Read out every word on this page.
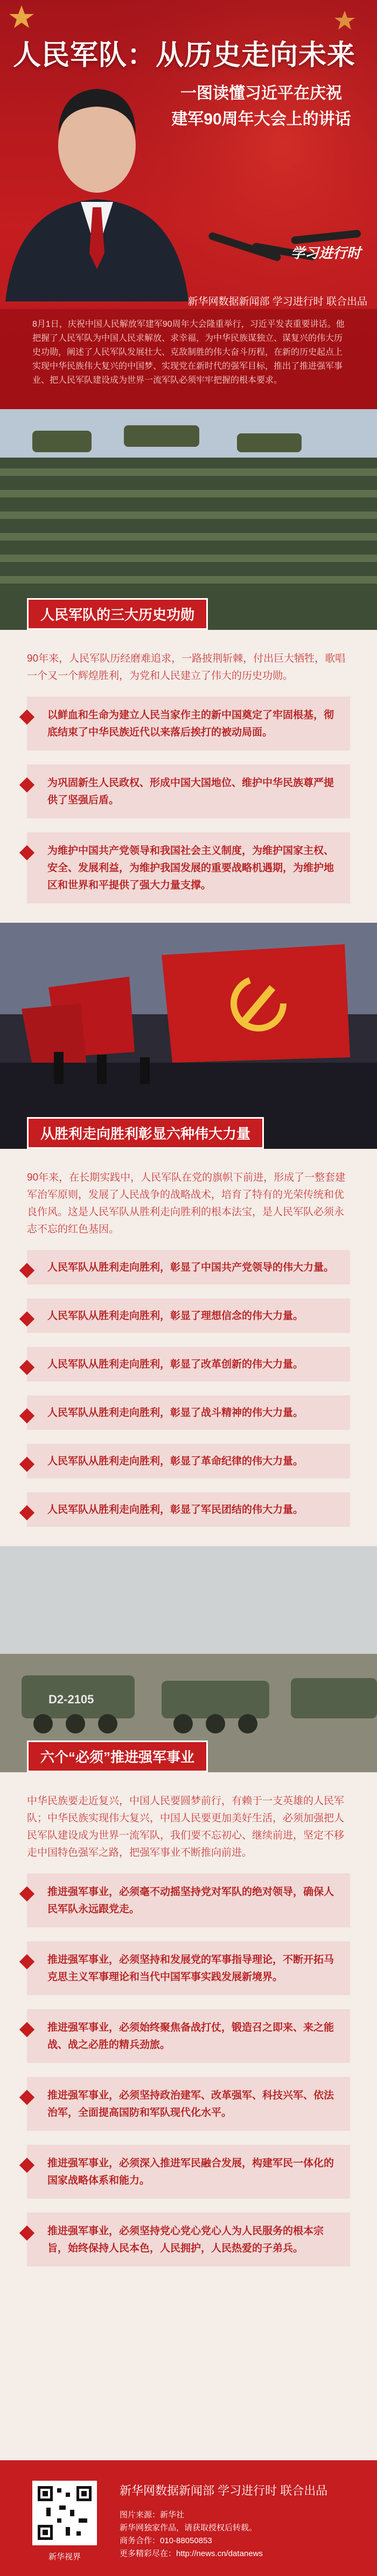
人民军队：从历史走向未来
一图读懂习近平在庆祝
建军90周年大会上的讲话
学习进行时
新华网数据新闻部 学习进行时 联合出品
8月1日，庆祝中国人民解放军建军90周年大会隆重举行，习近平发表重要讲话。他把握了人民军队为中国人民求解放、求幸福，为中华民族谋独立、谋复兴的伟大历史功勋，阐述了人民军队发展壮大、克敌制胜的伟大奋斗历程，在新的历史起点上实现中华民族伟大复兴的中国梦、实现党在新时代的强军目标，推出了推进强军事业、把人民军队建设成为世界一流军队必须牢牢把握的根本要求。
人民军队的三大历史功勋

90年来，人民军队历经磨难追求，一路披荆斩棘，付出巨大牺牲，歌唱一个又一个辉煌胜利，为党和人民建立了伟大的历史功勋。

以鲜血和生命为建立人民当家作主的新中国奠定了牢固根基，彻底结束了中华民族近代以来落后挨打的被动局面。
为巩固新生人民政权、形成中国大国地位、维护中华民族尊严提供了坚强后盾。
为维护中国共产党领导和我国社会主义制度，为维护国家主权、安全、发展利益，为维护我国发展的重要战略机遇期，为维护地区和世界和平提供了强大力量支撑。
从胜利走向胜利彰显六种伟大力量

90年来，在长期实践中，人民军队在党的旗帜下前进，形成了一整套建军治军原则，发展了人民战争的战略战术，培育了特有的光荣传统和优良作风。这是人民军队从胜利走向胜利的根本法宝，是人民军队必须永志不忘的红色基因。

人民军队从胜利走向胜利，彰显了中国共产党领导的伟大力量。
人民军队从胜利走向胜利，彰显了理想信念的伟大力量。
人民军队从胜利走向胜利，彰显了改革创新的伟大力量。
人民军队从胜利走向胜利，彰显了战斗精神的伟大力量。
人民军队从胜利走向胜利，彰显了革命纪律的伟大力量。
人民军队从胜利走向胜利，彰显了军民团结的伟大力量。
D2-2105
六个“必须”推进强军事业

中华民族要走近复兴，中国人民要圆梦前行，有赖于一支英雄的人民军队；中华民族实现伟大复兴，中国人民要更加美好生活，必须加强把人民军队建设成为世界一流军队，我们要不忘初心、继续前进，坚定不移走中国特色强军之路，把强军事业不断推向前进。

推进强军事业，必须毫不动摇坚持党对军队的绝对领导，确保人民军队永远跟党走。
推进强军事业，必须坚持和发展党的军事指导理论，不断开拓马克思主义军事理论和当代中国军事实践发展新境界。
推进强军事业，必须始终聚焦备战打仗，锻造召之即来、来之能战、战之必胜的精兵劲旅。
推进强军事业，必须坚持政治建军、改革强军、科技兴军、依法治军，全面提高国防和军队现代化水平。
推进强军事业，必须深入推进军民融合发展，构建军民一体化的国家战略体系和能力。
推进强军事业，必须坚持党心党心党心人为人民服务的根本宗旨，始终保持人民本色，人民拥护，人民热爱的子弟兵。
新华视界
新华网数据新闻部 学习进行时 联合出品
图片来源：新华社
新华网独家作品，请获取授权后转载。
商务合作：010-88050853
更多精彩尽在：http://news.cn/datanews
